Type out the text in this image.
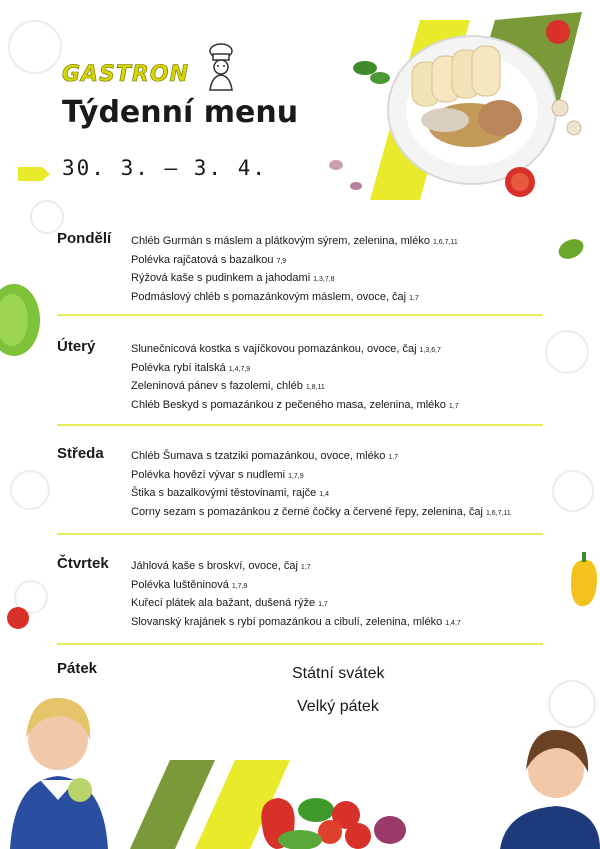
GASTRON
Týdenní menu
30. 3. – 3. 4.
Pondělí Chléb Gurmán s máslem a plátkovým sýrem, zelenina, mléko 1,6,7,11
Polévka rajčatová s bazalkou 7,9
Rýžová kaše s pudinkem a jahodami 1,3,7,8
Podmáslový chléb s pomazánkovým máslem, ovoce, čaj 1,7
Úterý	Slunečnicová kostka s vajíčkovou pomazánkou, ovoce, čaj 1,3,6,7
Polévka rybí italská 1,4,7,9
Zeleninová pánev s fazolemi, chléb 1,8,11
Chléb Beskyd s pomazánkou z pečeného masa, zelenina, mléko 1,7
Středa Chléb Šumava s tzatziki pomazánkou, ovoce, mléko 1,7
Polévka hovězí vývar s nudlemi 1,7,9
Štika s bazalkovými těstovinami, rajče 1,4
Corny sezam s pomazánkou z černé čočky a červené řepy, zelenina, čaj 1,6,7,11
Čtvrtek Jáhlová kaše s broskví, ovoce, čaj 1,7
Polévka luštěninová 1,7,9
Kuřecí plátek ala bažant, dušená rýže 1,7
Slovanský krajánek s rybí pomazánkou a cibulí, zelenina, mléko 1,4,7
Pátek	Státní svátek
Velký pátek
